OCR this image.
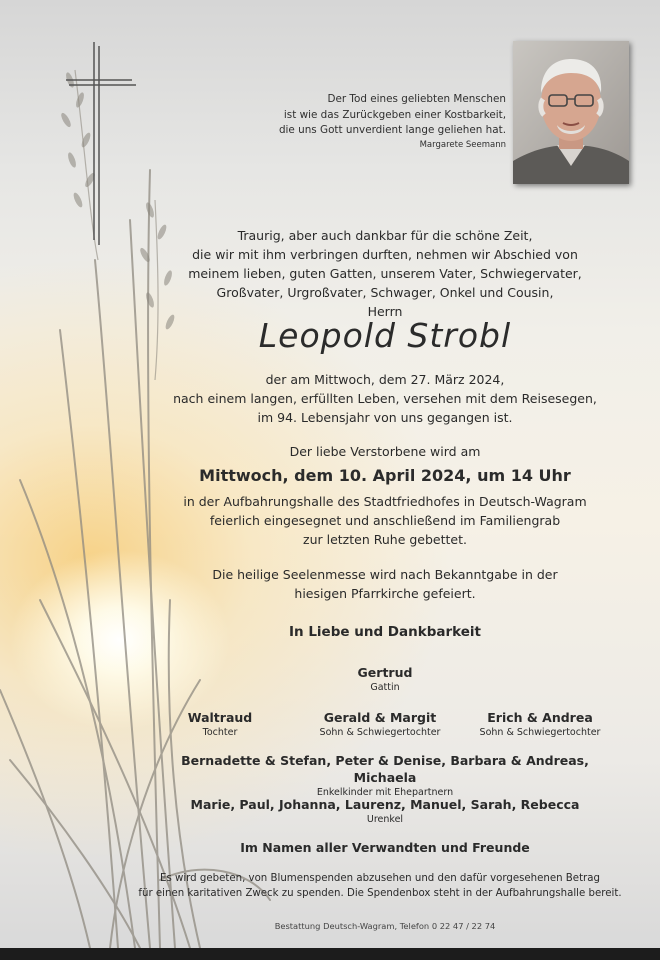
Der Tod eines geliebten Menschen
ist wie das Zurückgeben einer Kostbarkeit,
die uns Gott unverdient lange geliehen hat.
Margarete Seemann
Traurig, aber auch dankbar für die schöne Zeit,
die wir mit ihm verbringen durften, nehmen wir Abschied von
meinem lieben, guten Gatten, unserem Vater, Schwiegervater,
Großvater, Urgroßvater, Schwager, Onkel und Cousin,
Herrn
Leopold Strobl
der am Mittwoch, dem 27. März 2024,
nach einem langen, erfüllten Leben, versehen mit dem Reisesegen,
im 94. Lebensjahr von uns gegangen ist.
Der liebe Verstorbene wird am
Mittwoch, dem 10. April 2024, um 14 Uhr
in der Aufbahrungshalle des Stadtfriedhofes in Deutsch-Wagram
feierlich eingesegnet und anschließend im Familiengrab
zur letzten Ruhe gebettet.
Die heilige Seelenmesse wird nach Bekanntgabe in der
hiesigen Pfarrkirche gefeiert.
In Liebe und Dankbarkeit
Gertrud
Gattin
Waltraud
Tochter
Gerald & Margit
Sohn & Schwiegertochter
Erich & Andrea
Sohn & Schwiegertochter
Bernadette & Stefan, Peter & Denise, Barbara & Andreas, Michaela
Enkelkinder mit Ehepartnern
Marie, Paul, Johanna, Laurenz, Manuel, Sarah, Rebecca
Urenkel
Im Namen aller Verwandten und Freunde
Es wird gebeten, von Blumenspenden abzusehen und den dafür vorgesehenen Betrag
für einen karitativen Zweck zu spenden. Die Spendenbox steht in der Aufbahrungshalle bereit.
Bestattung Deutsch-Wagram, Telefon 0 22 47 / 22 74
